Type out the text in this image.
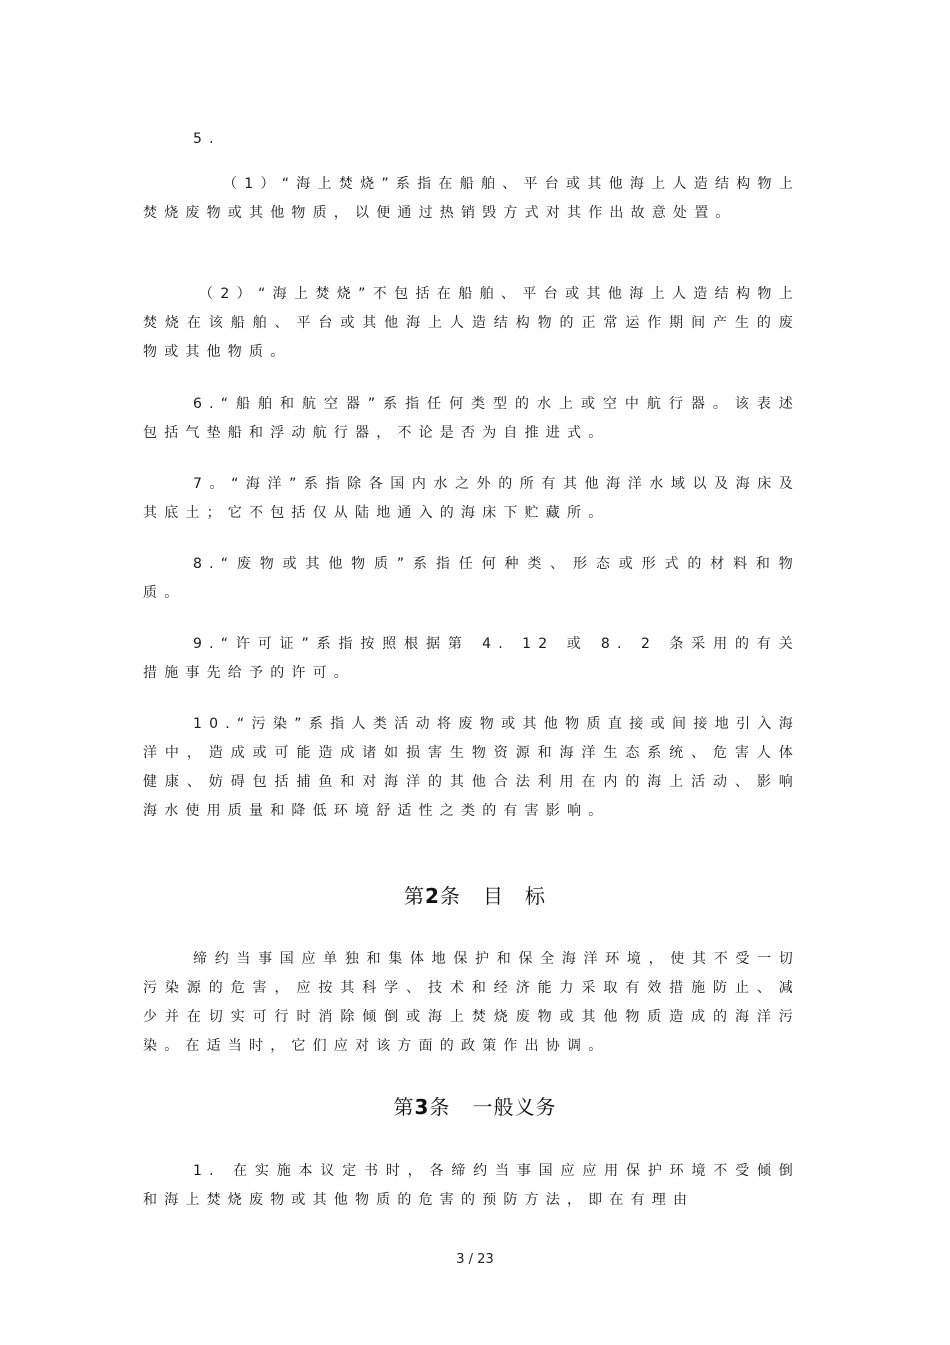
5.
（1）“海上焚烧”系指在船舶、平台或其他海上人造结构物上焚烧废物或其他物质，以便通过热销毁方式对其作出故意处置。
（2）“海上焚烧”不包括在船舶、平台或其他海上人造结构物上焚烧在该船舶、平台或其他海上人造结构物的正常运作期间产生的废物或其他物质。
6.“船舶和航空器”系指任何类型的水上或空中航行器。该表述包括气垫船和浮动航行器，不论是否为自推进式。
7。“海洋”系指除各国内水之外的所有其他海洋水域以及海床及其底土；它不包括仅从陆地通入的海床下贮藏所。
8.“废物或其他物质”系指任何种类、形态或形式的材料和物质。
9.“许可证”系指按照根据第 4. 12 或 8. 2 条采用的有关措施事先给予的许可。
10.“污染”系指人类活动将废物或其他物质直接或间接地引入海洋中，造成或可能造成诸如损害生物资源和海洋生态系统、危害人体健康、妨碍包括捕鱼和对海洋的其他合法利用在内的海上活动、影响海水使用质量和降低环境舒适性之类的有害影响。
第2条 目　标
缔约当事国应单独和集体地保护和保全海洋环境，使其不受一切污染源的危害，应按其科学、技术和经济能力采取有效措施防止、减少并在切实可行时消除倾倒或海上焚烧废物或其他物质造成的海洋污染。在适当时，它们应对该方面的政策作出协调。
第3条 一般义务
1. 在实施本议定书时，各缔约当事国应应用保护环境不受倾倒和海上焚烧废物或其他物质的危害的预防方法，即在有理由
3 / 23
